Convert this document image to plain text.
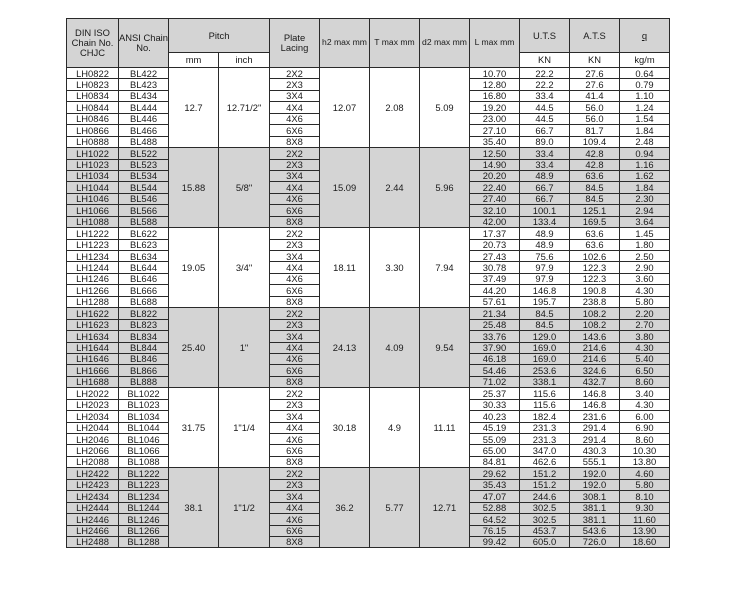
DIN ISO Chain No. CHJC	ANSI Chain No.	Pitch		Plate Lacing	h2 max mm	T max mm	d2 max mm	L max mm	U.T.S	A.T.S	q
		mm	inch						KN	KN	kg/m
LH0822	BL422	12.7	12.71/2"	2X2	12.07	2.08	5.09	10.70	22.2	27.6	0.64
LH0823	BL423			2X3				12.80	22.2	27.6	0.79
LH0834	BL434			3X4				16.80	33.4	41.4	1.10
LH0844	BL444			4X4				19.20	44.5	56.0	1.24
LH0846	BL446			4X6				23.00	44.5	56.0	1.54
LH0866	BL466			6X6				27.10	66.7	81.7	1.84
LH0888	BL488			8X8				35.40	89.0	109.4	2.48
LH1022	BL522	15.88	5/8"	2X2	15.09	2.44	5.96	12.50	33.4	42.8	0.94
LH1023	BL523			2X3				14.90	33.4	42.8	1.16
LH1034	BL534			3X4				20.20	48.9	63.6	1.62
LH1044	BL544			4X4				22.40	66.7	84.5	1.84
LH1046	BL546			4X6				27.40	66.7	84.5	2.30
LH1066	BL566			6X6				32.10	100.1	125.1	2.94
LH1088	BL588			8X8				42.00	133.4	169.5	3.64
LH1222	BL622	19.05	3/4"	2X2	18.11	3.30	7.94	17.37	48.9	63.6	1.45
LH1223	BL623			2X3				20.73	48.9	63.6	1.80
LH1234	BL634			3X4				27.43	75.6	102.6	2.50
LH1244	BL644			4X4				30.78	97.9	122.3	2.90
LH1246	BL646			4X6				37.49	97.9	122.3	3.60
LH1266	BL666			6X6				44.20	146.8	190.8	4.30
LH1288	BL688			8X8				57.61	195.7	238.8	5.80
LH1622	BL822	25.40	1"	2X2	24.13	4.09	9.54	21.34	84.5	108.2	2.20
LH1623	BL823			2X3				25.48	84.5	108.2	2.70
LH1634	BL834			3X4				33.76	129.0	143.6	3.80
LH1644	BL844			4X4				37.90	169.0	214.6	4.30
LH1646	BL846			4X6				46.18	169.0	214.6	5.40
LH1666	BL866			6X6				54.46	253.6	324.6	6.50
LH1688	BL888			8X8				71.02	338.1	432.7	8.60
LH2022	BL1022	31.75	1"1/4	2X2	30.18	4.9	11.11	25.37	115.6	146.8	3.40
LH2023	BL1023			2X3				30.33	115.6	146.8	4.30
LH2034	BL1034			3X4				40.23	182.4	231.6	6.00
LH2044	BL1044			4X4				45.19	231.3	291.4	6.90
LH2046	BL1046			4X6				55.09	231.3	291.4	8.60
LH2066	BL1066			6X6				65.00	347.0	430.3	10.30
LH2088	BL1088			8X8				84.81	462.6	555.1	13.80
LH2422	BL1222	38.1	1"1/2	2X2	36.2	5.77	12.71	29.62	151.2	192.0	4.60
LH2423	BL1223			2X3				35.43	151.2	192.0	5.80
LH2434	BL1234			3X4				47.07	244.6	308.1	8.10
LH2444	BL1244			4X4				52.88	302.5	381.1	9.30
LH2446	BL1246			4X6				64.52	302.5	381.1	11.60
LH2466	BL1266			6X6				76.15	453.7	543.6	13.90
LH2488	BL1288			8X8				99.42	605.0	726.0	18.60
